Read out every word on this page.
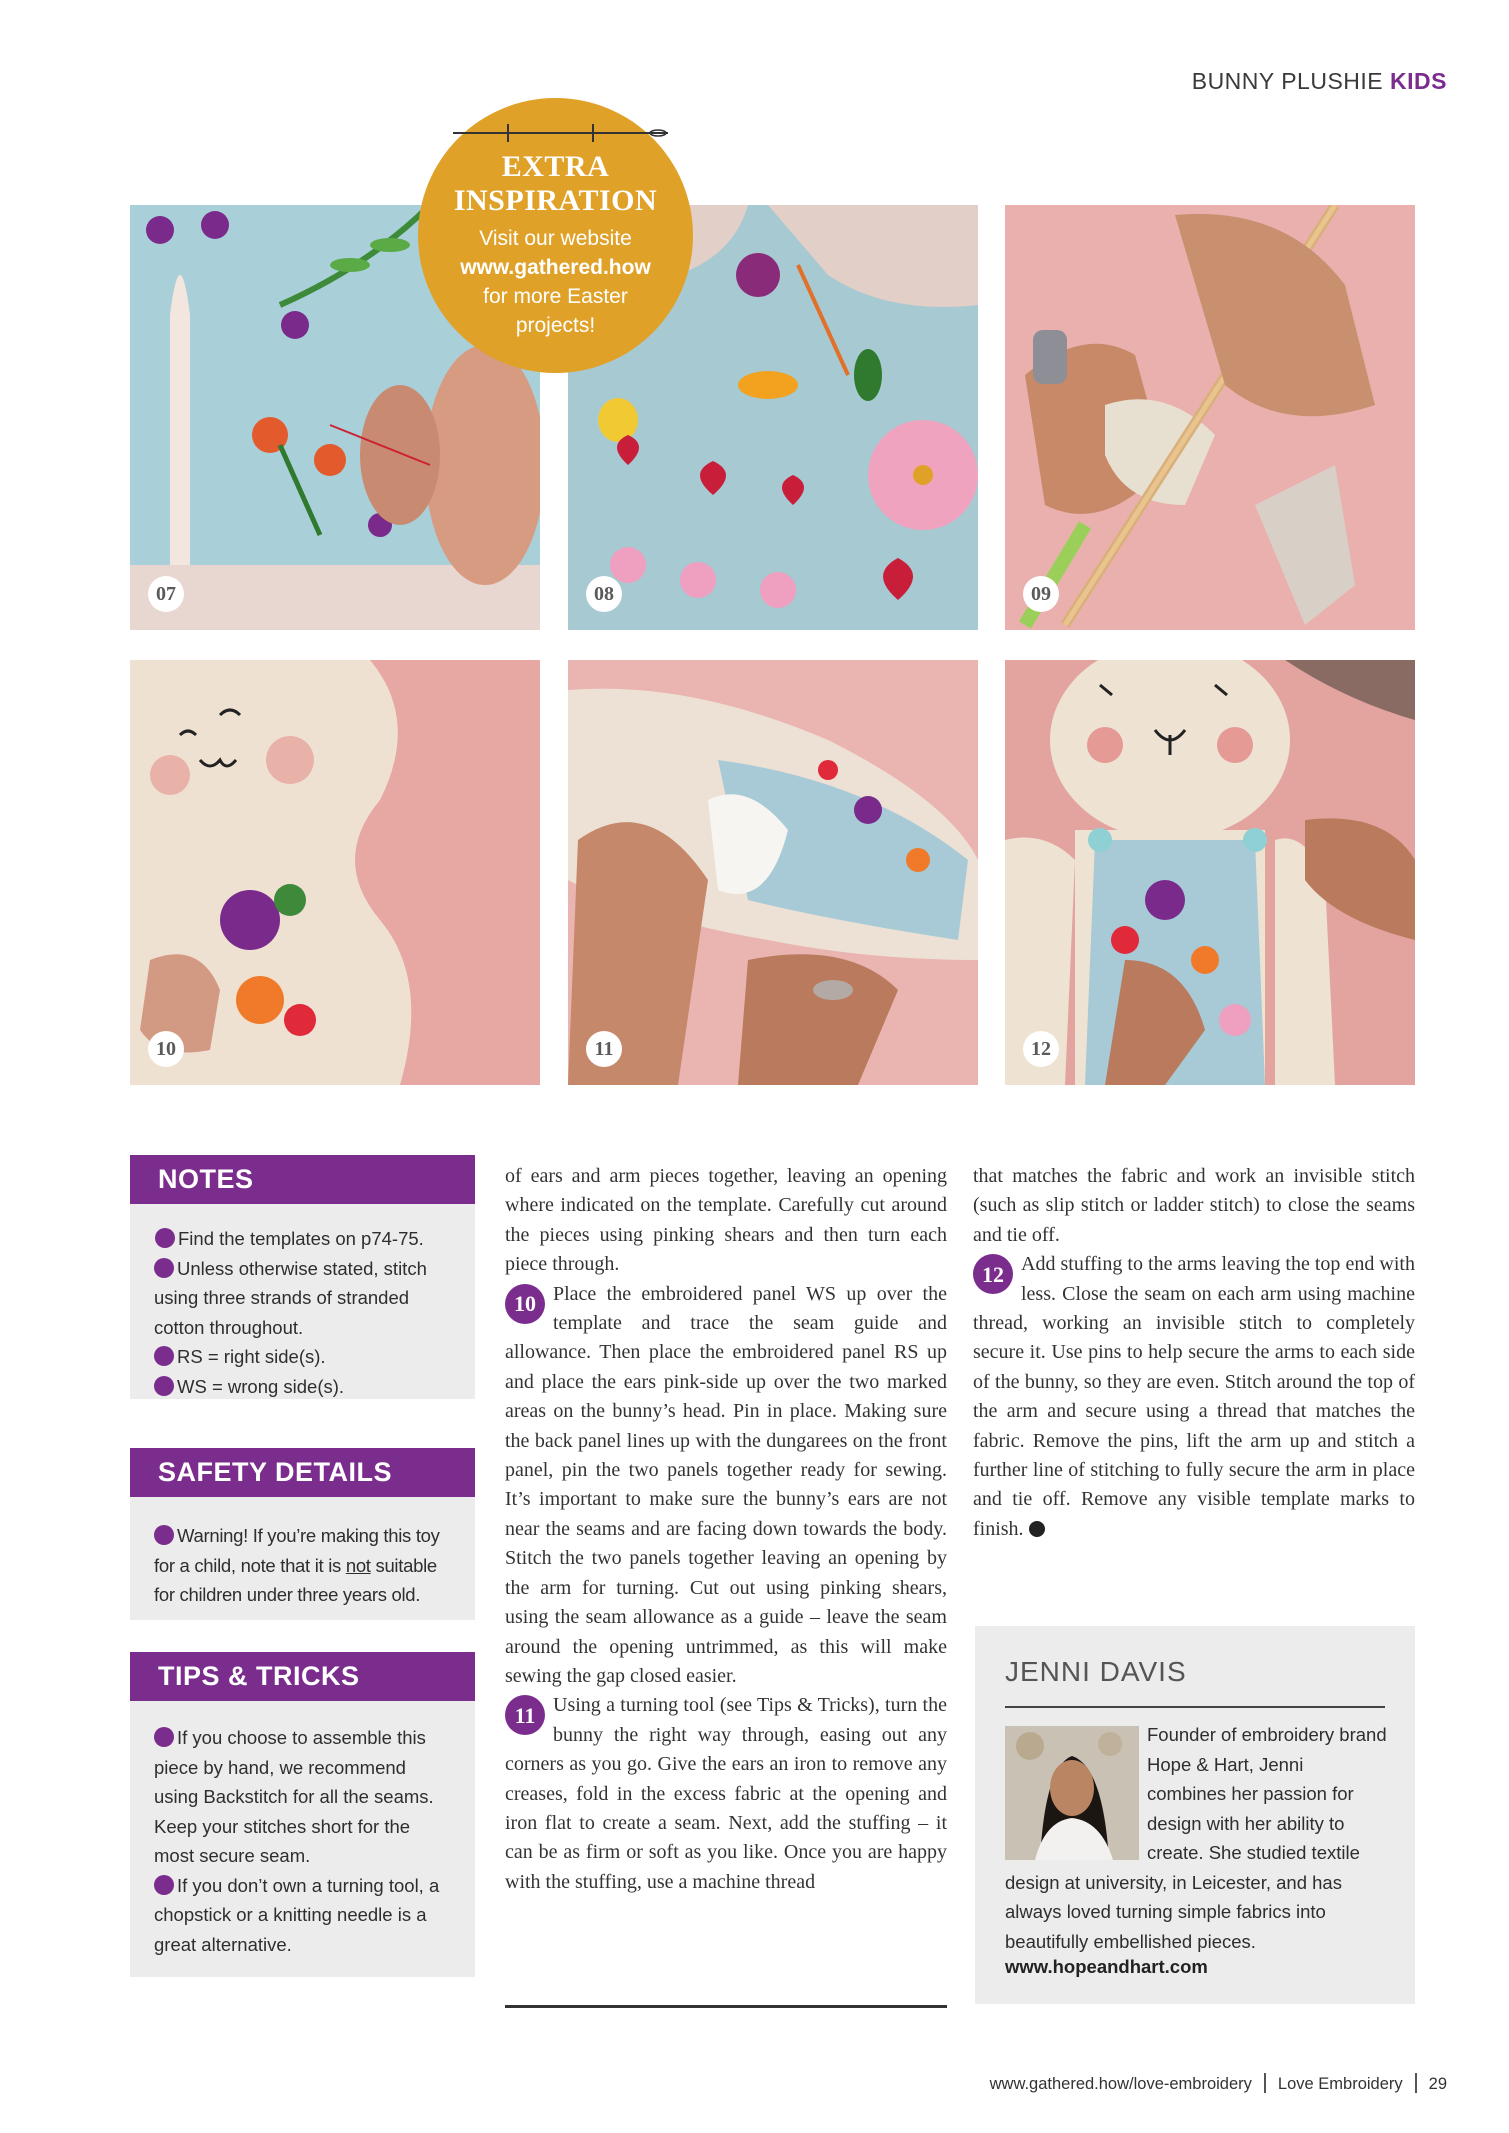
BUNNY PLUSHIE KIDS
07	08	09
10	11	12
EXTRA
INSPIRATION
Visit our website
www.gathered.how
for more Easter
projects!
NOTES
Find the templates on p74-75.
Unless otherwise stated, stitch using three strands of stranded cotton throughout.
RS = right side(s).
WS = wrong side(s).
SAFETY DETAILS
Warning! If you’re making this toy for a child, note that it is not suitable for children under three years old.
TIPS & TRICKS
If you choose to assemble this piece by hand, we recommend using Backstitch for all the seams. Keep your stitches short for the most secure seam.
If you don’t own a turning tool, a chopstick or a knitting needle is a great alternative.
of ears and arm pieces together, leaving an opening where indicated on the template. Carefully cut around the pieces using pinking shears and then turn each piece through.
10 Place the embroidered panel WS up over the template and trace the seam guide and allowance. Then place the embroidered panel RS up and place the ears pink-side up over the two marked areas on the bunny’s head. Pin in place. Making sure the back panel lines up with the dungarees on the front panel, pin the two panels together ready for sewing. It’s important to make sure the bunny’s ears are not near the seams and are facing down towards the body. Stitch the two panels together leaving an opening by the arm for turning. Cut out using pinking shears, using the seam allowance as a guide – leave the seam around the opening untrimmed, as this will make sewing the gap closed easier.
11 Using a turning tool (see Tips & Tricks), turn the bunny the right way through, easing out any corners as you go. Give the ears an iron to remove any creases, fold in the excess fabric at the opening and iron flat to create a seam. Next, add the stuffing – it can be as firm or soft as you like. Once you are happy with the stuffing, use a machine thread
that matches the fabric and work an invisible stitch (such as slip stitch or ladder stitch) to close the seams and tie off.
12 Add stuffing to the arms leaving the top end with less. Close the seam on each arm using machine thread, working an invisible stitch to completely secure it. Use pins to help secure the arms to each side of the bunny, so they are even. Stitch around the top of the arm and secure using a thread that matches the fabric. Remove the pins, lift the arm up and stitch a further line of stitching to fully secure the arm in place and tie off. Remove any visible template marks to finish.
JENNI DAVIS
Founder of embroidery brand Hope & Hart, Jenni combines her passion for design with her ability to create. She studied textile design at university, in Leicester, and has always loved turning simple fabrics into beautifully embellished pieces.
www.hopeandhart.com
www.gathered.how/love-embroidery Love Embroidery 29
